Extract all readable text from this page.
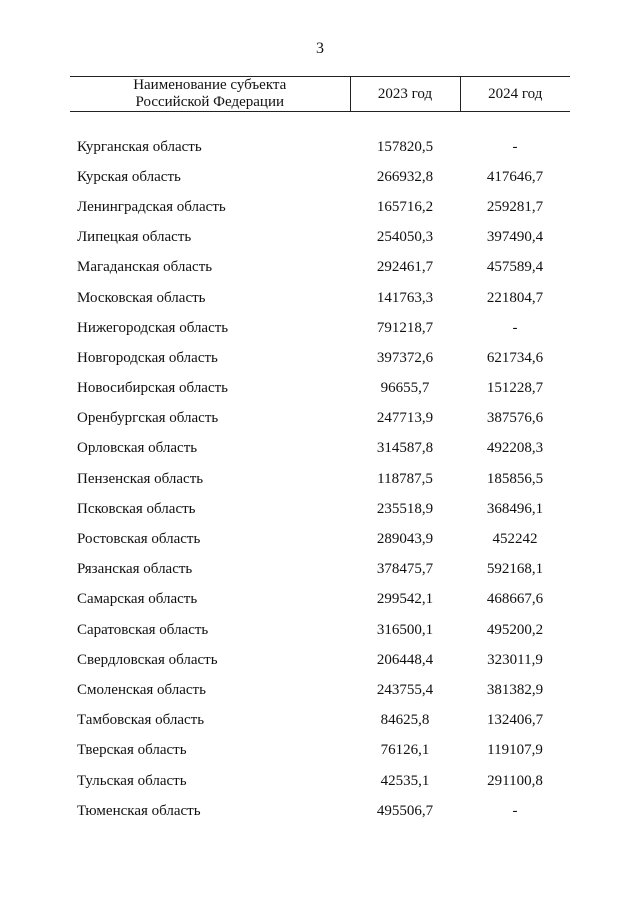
3
Наименование субъекта
Российской Федерации	2023 год	2024 год
Курганская область	157820,5	-
Курская область	266932,8	417646,7
Ленинградская область	165716,2	259281,7
Липецкая область	254050,3	397490,4
Магаданская область	292461,7	457589,4
Московская область	141763,3	221804,7
Нижегородская область	791218,7	-
Новгородская область	397372,6	621734,6
Новосибирская область	96655,7	151228,7
Оренбургская область	247713,9	387576,6
Орловская область	314587,8	492208,3
Пензенская область	118787,5	185856,5
Псковская область	235518,9	368496,1
Ростовская область	289043,9	452242
Рязанская область	378475,7	592168,1
Самарская область	299542,1	468667,6
Саратовская область	316500,1	495200,2
Свердловская область	206448,4	323011,9
Смоленская область	243755,4	381382,9
Тамбовская область	84625,8	132406,7
Тверская область	76126,1	119107,9
Тульская область	42535,1	291100,8
Тюменская область	495506,7	-
